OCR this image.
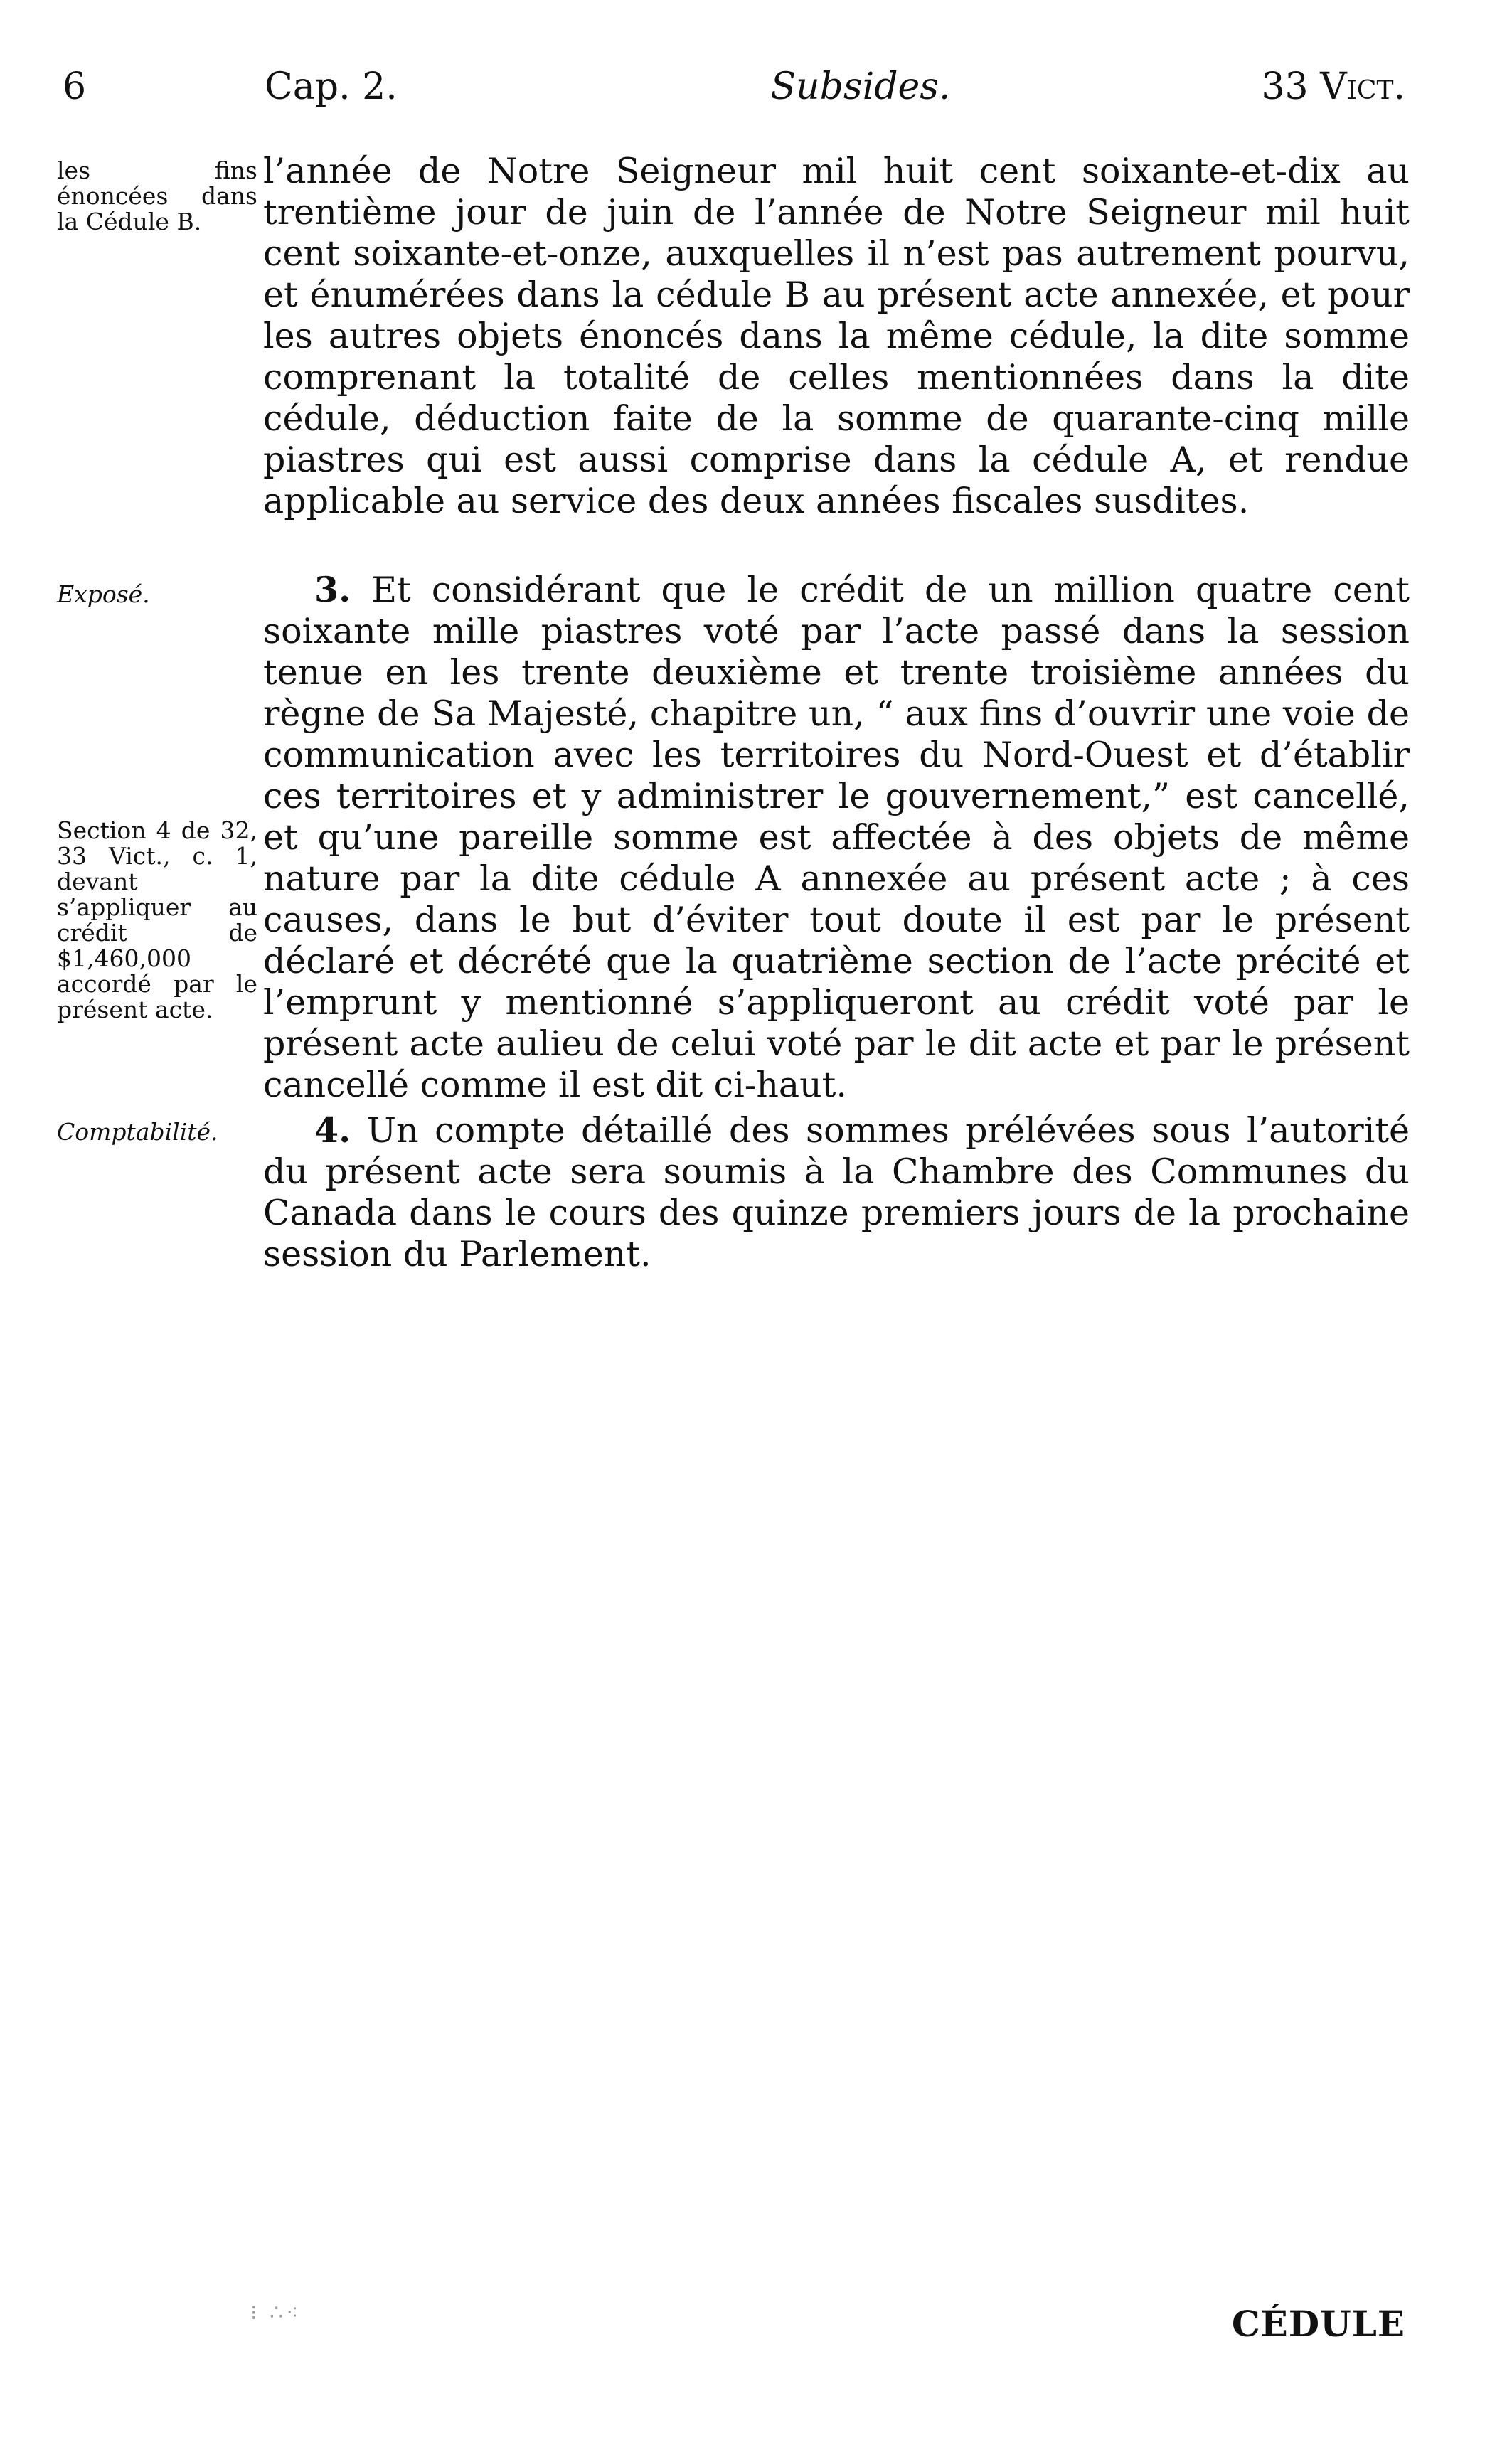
6	Cap. 2.	Subsides.	33 Vict.
les fins énoncées dans la Cédule B.

l’année de Notre Seigneur mil huit cent soixante-et-dix au trentième jour de juin de l’année de Notre Seigneur mil huit cent soixante-et-onze, auxquelles il n’est pas autrement pourvu, et énumérées dans la cédule B au présent acte annexée, et pour les autres objets énoncés dans la même cédule, la dite somme comprenant la totalité de celles mentionnées dans la dite cédule, déduction faite de la somme de quarante-cinq mille piastres qui est aussi comprise dans la cédule A, et rendue applicable au service des deux années fiscales susdites.

Exposé.
Section 4 de 32, 33 Vict., c. 1, devant s’appliquer au crédit de $1,460,000 accordé par le présent acte.

3. Et considérant que le crédit de un million quatre cent soixante mille piastres voté par l’acte passé dans la session tenue en les trente deuxième et trente troisième années du règne de Sa Majesté, chapitre un, “ aux fins d’ouvrir une voie de communication avec les territoires du Nord-Ouest et d’établir ces territoires et y administrer le gouvernement,” est cancellé, et qu’une pareille somme est affectée à des objets de même nature par la dite cédule A annexée au présent acte ; à ces causes, dans le but d’éviter tout doute il est par le présent déclaré et décrété que la quatrième section de l’acte précité et l’emprunt y mentionné s’appliqueront au crédit voté par le présent acte aulieu de celui voté par le dit acte et par le présent cancellé comme il est dit ci-haut.

Comptabilité.	4. Un compte détaillé des sommes prélévées sous l’autorité du présent acte sera soumis à la Chambre des Communes du Canada dans le cours des quinze premiers jours de la prochaine session du Parlement.

⁝ ∴⁖	CÉDULE
